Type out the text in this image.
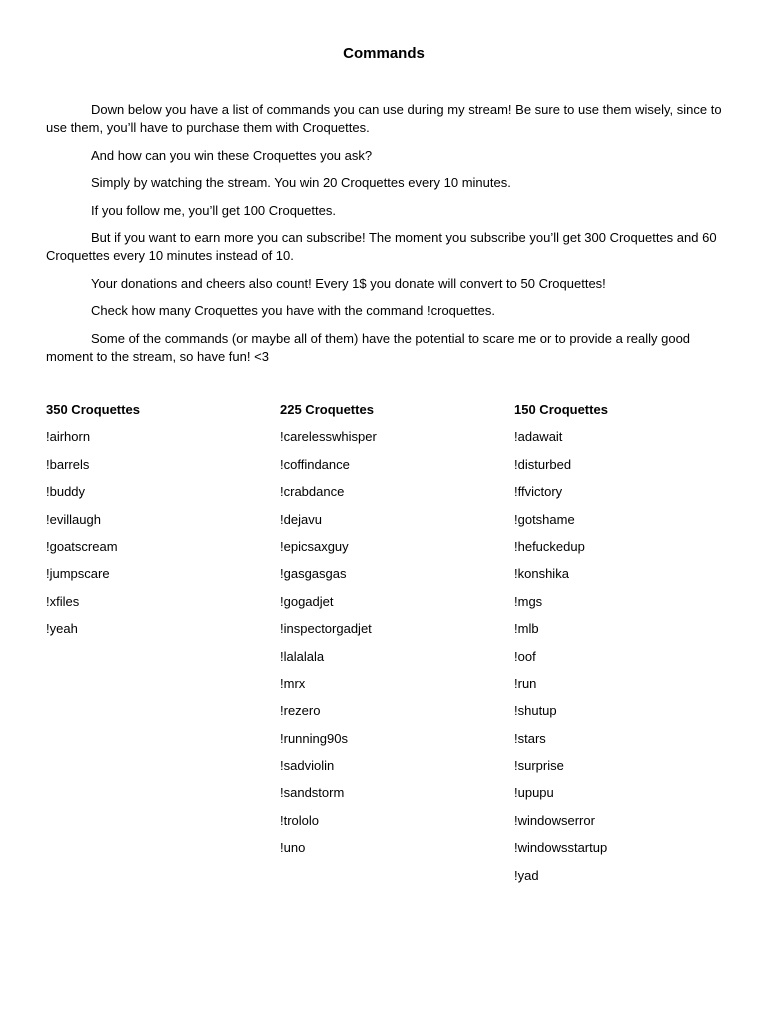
Commands

Down below you have a list of commands you can use during my stream! Be sure to use them wisely, since to use them, you’ll have to purchase them with Croquettes.

And how can you win these Croquettes you ask?

Simply by watching the stream. You win 20 Croquettes every 10 minutes.

If you follow me, you’ll get 100 Croquettes.

But if you want to earn more you can subscribe! The moment you subscribe you’ll get 300 Croquettes and 60 Croquettes every 10 minutes instead of 10.

Your donations and cheers also count! Every 1$ you donate will convert to 50 Croquettes!

Check how many Croquettes you have with the command !croquettes.

Some of the commands (or maybe all of them) have the potential to scare me or to provide a really good moment to the stream, so have fun! <3

350 Croquettes
!airhorn
!barrels
!buddy
!evillaugh
!goatscream
!jumpscare
!xfiles
!yeah
225 Croquettes
!carelesswhisper
!coffindance
!crabdance
!dejavu
!epicsaxguy
!gasgasgas
!gogadjet
!inspectorgadjet
!lalalala
!mrx
!rezero
!running90s
!sadviolin
!sandstorm
!trololo
!uno
150 Croquettes
!adawait
!disturbed
!ffvictory
!gotshame
!hefuckedup
!konshika
!mgs
!mlb
!oof
!run
!shutup
!stars
!surprise
!upupu
!windowserror
!windowsstartup
!yad
